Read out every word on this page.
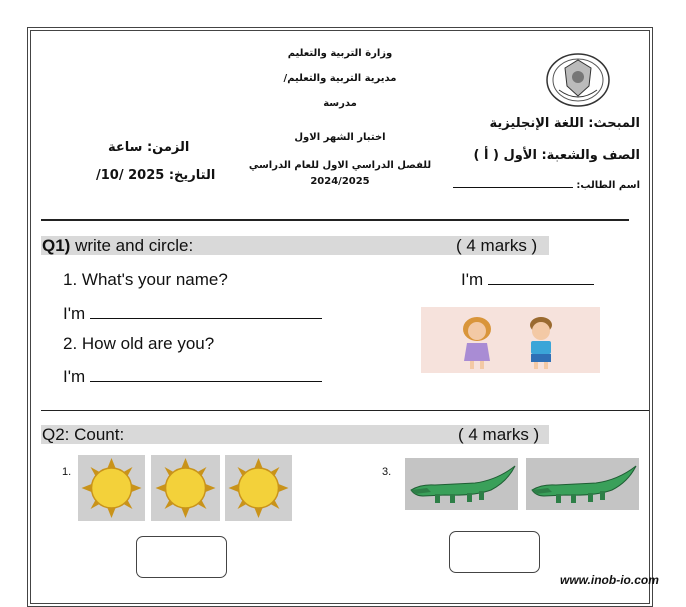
وزارة التربية والتعليم
مديرية التربية والتعليم/
مدرسة
اختبار الشهر الاول
للفصل الدراسي الاول للعام الدراسي
2024/2025
المبحث: اللغة الإنجليزية
الصف والشعبة: الأول ( أ )
اسم الطالب:
الزمن: ساعة
التاريخ: 2025 /10/
Q1) write and circle:	( 4 marks )
1. What's your name?	I'm
I'm
2. How old are you?
I'm
Q2: Count:	( 4 marks )
1.	3.
www.inob-io.com
